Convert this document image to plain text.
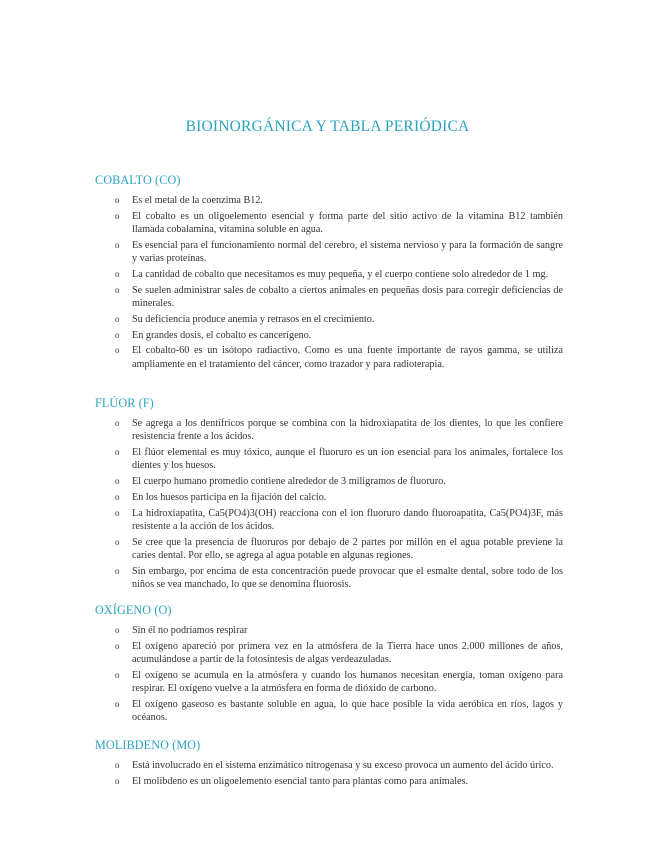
BIOINORGÁNICA Y TABLA PERIÓDICA
COBALTO (CO)
o Es el metal de la coenzima B12.
o El cobalto es un oligoelemento esencial y forma parte del sitio activo de la vitamina B12 también llamada cobalamina, vitamina soluble en agua.
o Es esencial para el funcionamiento normal del cerebro, el sistema nervioso y para la formación de sangre y varias proteínas.
o La cantidad de cobalto que necesitamos es muy pequeña, y el cuerpo contiene solo alrededor de 1 mg.
o Se suelen administrar sales de cobalto a ciertos animales en pequeñas dosis para corregir deficiencias de minerales.
o Su deficiencia produce anemia y retrasos en el crecimiento.
o En grandes dosis, el cobalto es cancerígeno.
o El cobalto-60 es un isótopo radiactivo. Como es una fuente importante de rayos gamma, se utiliza ampliamente en el tratamiento del cáncer, como trazador y para radioterapia.
FLÚOR (F)
o Se agrega a los dentífricos porque se combina con la hidroxiapatita de los dientes, lo que les confiere resistencia frente a los ácidos.
o El flúor elemental es muy tóxico, aunque el fluoruro es un ion esencial para los animales, fortalece los dientes y los huesos.
o El cuerpo humano promedio contiene alrededor de 3 miligramos de fluoruro.
o En los huesos participa en la fijación del calcio.
o La hidroxiapatita, Ca5(PO4)3(OH) reacciona con el ion fluoruro dando fluoroapatita, Ca5(PO4)3F, más resistente a la acción de los ácidos.
o Se cree que la presencia de fluoruros por debajo de 2 partes por millón en el agua potable previene la caries dental. Por ello, se agrega al agua potable en algunas regiones.
o Sin embargo, por encima de esta concentración puede provocar que el esmalte dental, sobre todo de los niños se vea manchado, lo que se denomina fluorosis.
OXÍGENO (O)
o Sin él no podríamos respirar
o El oxígeno apareció por primera vez en la atmósfera de la Tierra hace unos 2.000 millones de años, acumulándose a partir de la fotosíntesis de algas verdeazuladas.
o El oxígeno se acumula en la atmósfera y cuando los humanos necesitan energía, toman oxígeno para respirar. El oxígeno vuelve a la atmósfera en forma de dióxido de carbono.
o El oxígeno gaseoso es bastante soluble en agua, lo que hace posible la vida aeróbica en ríos, lagos y océanos.
MOLIBDENO (MO)
o Está involucrado en el sistema enzimático nitrogenasa y su exceso provoca un aumento del ácido úrico.
o El molibdeno es un oligoelemento esencial tanto para plantas como para animales.
